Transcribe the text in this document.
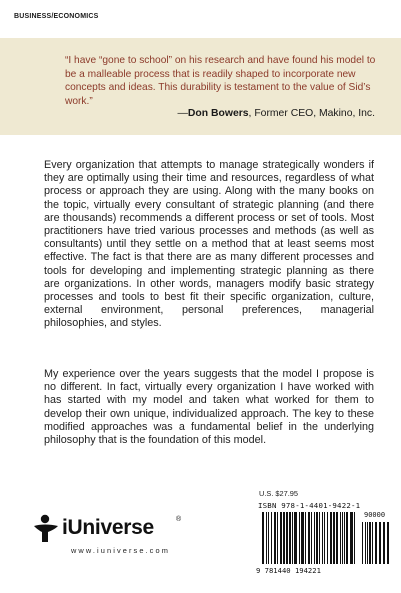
BUSINESS/ECONOMICS
“I have “gone to school” on his research and have found his model to be a malleable process that is readily shaped to incorporate new concepts and ideas. This durability is testament to the value of Sid’s work.”
—Don Bowers, Former CEO, Makino, Inc.

Every organization that attempts to manage strategically wonders if they are optimally using their time and resources, regardless of what process or approach they are using. Along with the many books on the topic, virtually every consultant of strategic planning (and there are thousands) recommends a different process or set of tools. Most practitioners have tried various processes and methods (as well as consultants) until they settle on a method that at least seems most effective. The fact is that there are as many different processes and tools for developing and implementing strategic planning as there are organizations. In other words, managers modify basic strategy processes and tools to best fit their specific organization, culture, external environment, personal preferences, managerial philosophies, and styles.

My experience over the years suggests that the model I propose is no different. In fact, virtually every organization I have worked with has started with my model and taken what worked for them to develop their own unique, individualized approach. The key to these modified approaches was a fundamental belief in the underlying philosophy that is the foundation of this model.

iUniverse	®
www.iuniverse.com
U.S. $27.95
ISBN 978-1-4401-9422-1
90000
9 781440 194221
